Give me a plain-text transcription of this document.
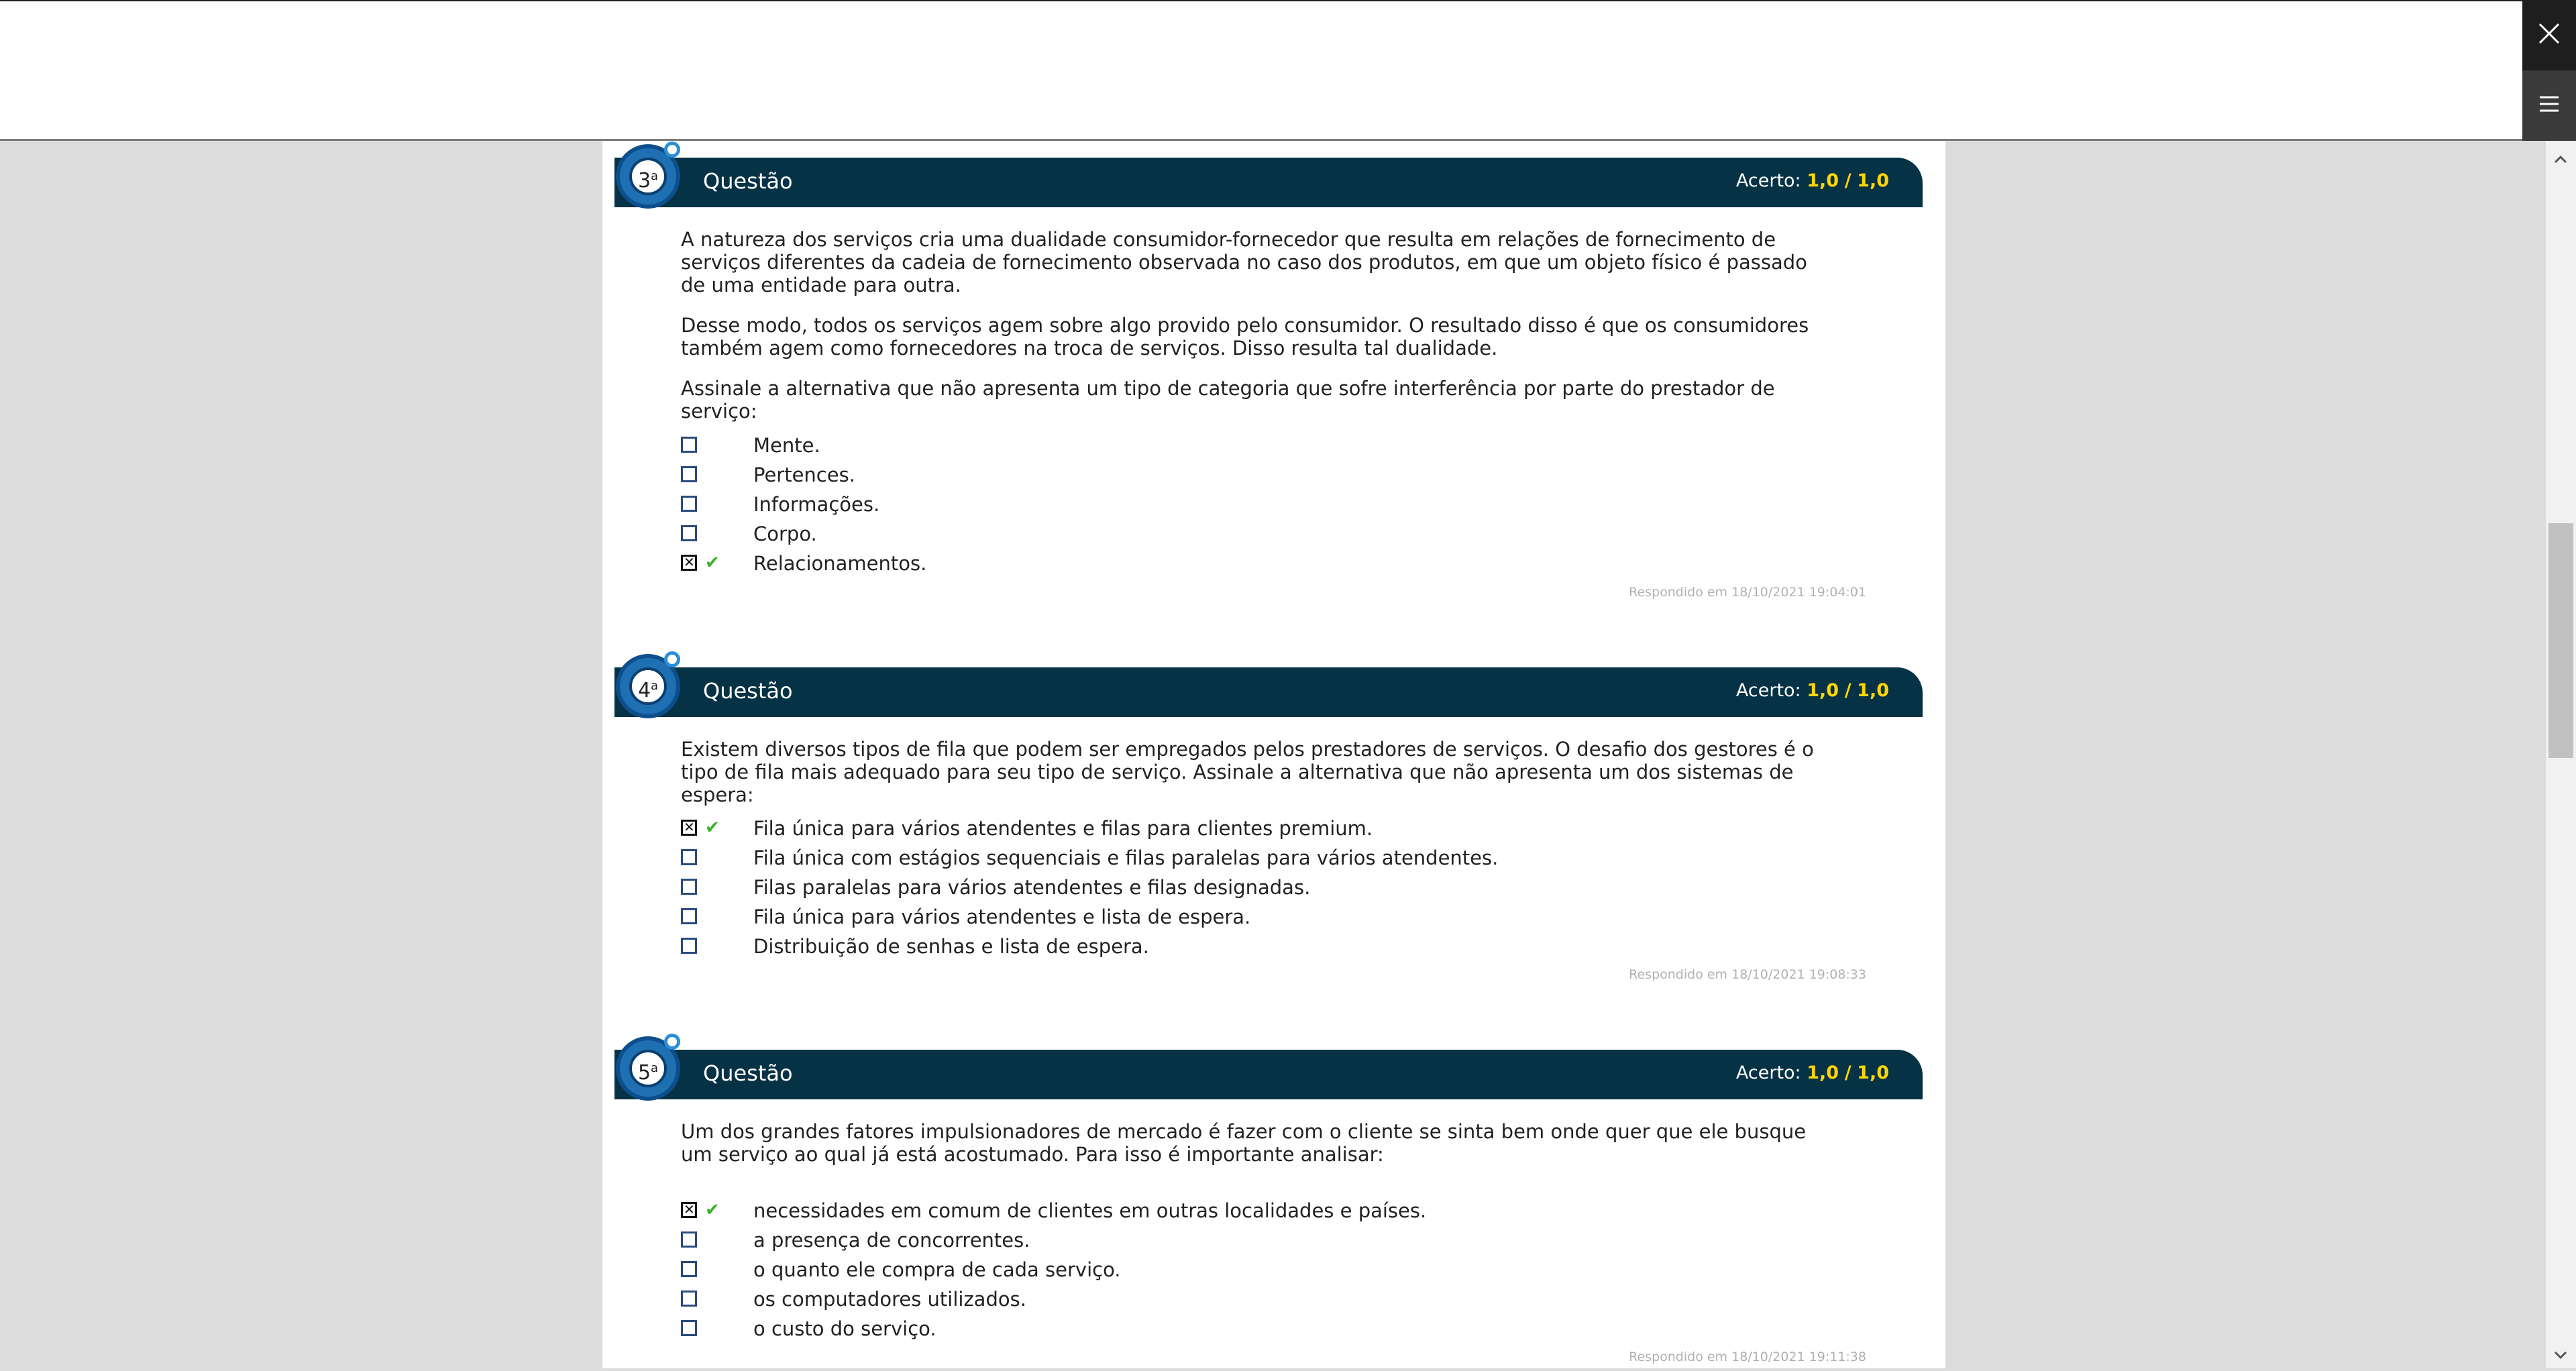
Questão	Acerto: 1,0 / 1,0
3$^a$

A natureza dos serviços cria uma dualidade consumidor-fornecedor que resulta em relações de fornecimento de serviços diferentes da cadeia de fornecimento observada no caso dos produtos, em que um objeto físico é passado de uma entidade para outra.

Desse modo, todos os serviços agem sobre algo provido pelo consumidor. O resultado disso é que os consumidores também agem como fornecedores na troca de serviços. Disso resulta tal dualidade.

Assinale a alternativa que não apresenta um tipo de categoria que sofre interferência por parte do prestador de serviço:

Mente.
Pertences.
Informações.
Corpo.
✕
✔ Relacionamentos.
Respondido em 18/10/2021 19:04:01
Questão	Acerto: 1,0 / 1,0
4$^a$

Existem diversos tipos de fila que podem ser empregados pelos prestadores de serviços. O desafio dos gestores é o tipo de fila mais adequado para seu tipo de serviço. Assinale a alternativa que não apresenta um dos sistemas de espera:

✕
✔ Fila única para vários atendentes e filas para clientes premium.
Fila única com estágios sequenciais e filas paralelas para vários atendentes.
Filas paralelas para vários atendentes e filas designadas.
Fila única para vários atendentes e lista de espera.
Distribuição de senhas e lista de espera.
Respondido em 18/10/2021 19:08:33
Questão	Acerto: 1,0 / 1,0
5$^a$

Um dos grandes fatores impulsionadores de mercado é fazer com o cliente se sinta bem onde quer que ele busque um serviço ao qual já está acostumado. Para isso é importante analisar:

✕
✔ necessidades em comum de clientes em outras localidades e países.
a presença de concorrentes.
o quanto ele compra de cada serviço.
os computadores utilizados.
o custo do serviço.
Respondido em 18/10/2021 19:11:38
